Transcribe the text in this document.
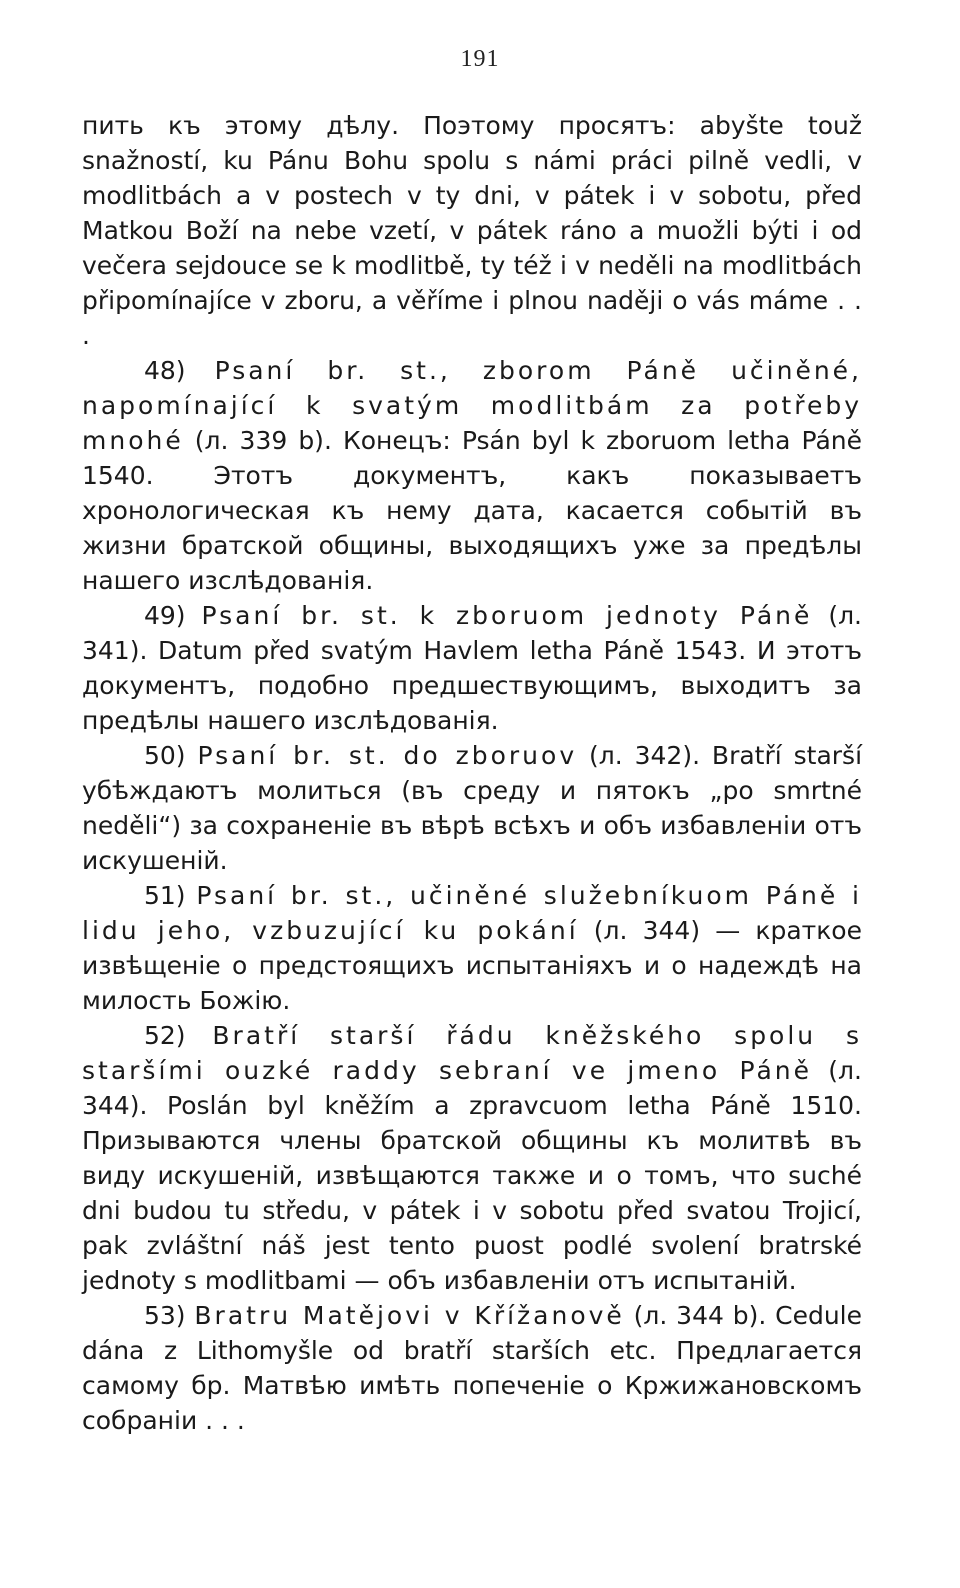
191

пить къ этому дѣлу. Поэтому просятъ: abyšte touž snažností, ku Pánu Bohu spolu s námi práci pilně vedli, v modlitbách a v postech v ty dni, v pátek i v sobotu, před Matkou Boží na nebe vzetí, v pátek ráno a muožli býti i od večera sejdouce se k modlitbě, ty též i v neděli na modlitbách připomínajíce v zboru, a věříme i plnou naději o vás máme . . .

48) Psaní br. st., zborom Páně učiněné, napomínající k svatým modlitbám za potřeby mnohé (л. 339 b). Конецъ: Psán byl k zboruom letha Páně 1540. Этотъ документъ, какъ показываетъ хронологическая къ нему дата, касается событій въ жизни братской общины, выходящихъ уже за предѣлы нашего изслѣдованія.

49) Psaní br. st. k zboruom jednoty Páně (л. 341). Datum před svatým Havlem letha Páně 1543. И этотъ документъ, подобно предшествующимъ, выходитъ за предѣлы нашего изслѣдованія.

50) Psaní br. st. do zboruov (л. 342). Bratří starší убѣждаютъ молиться (въ среду и пятокъ „po smrtné neděli“) за сохраненіе въ вѣрѣ всѣхъ и объ избавленіи отъ искушеній.

51) Psaní br. st., učiněné služebníkuom Páně i lidu jeho, vzbuzující ku pokání (л. 344) — краткое извѣщеніе о предстоящихъ испытаніяхъ и о надеждѣ на милость Божію.

52) Bratří starší řádu kněžského spolu s staršími ouzké raddy sebraní ve jmeno Páně (л. 344). Poslán byl kněžím a zpravcuom letha Páně 1510. Призываются члены братской общины къ молитвѣ въ виду искушеній, извѣщаются также и о томъ, что suché dni budou tu středu, v pátek i v sobotu před svatou Trojicí, pak zvláštní náš jest tento puost podlé svolení bratrské jednoty s modlitbami — объ избавленіи отъ испытаній.

53) Bratru Matějovi v Křížanově (л. 344 b). Cedule dána z Lithomyšle od bratří starších etc. Предлагается самому бр. Матвѣю имѣть попеченіе о Кржижановскомъ собраніи . . .
